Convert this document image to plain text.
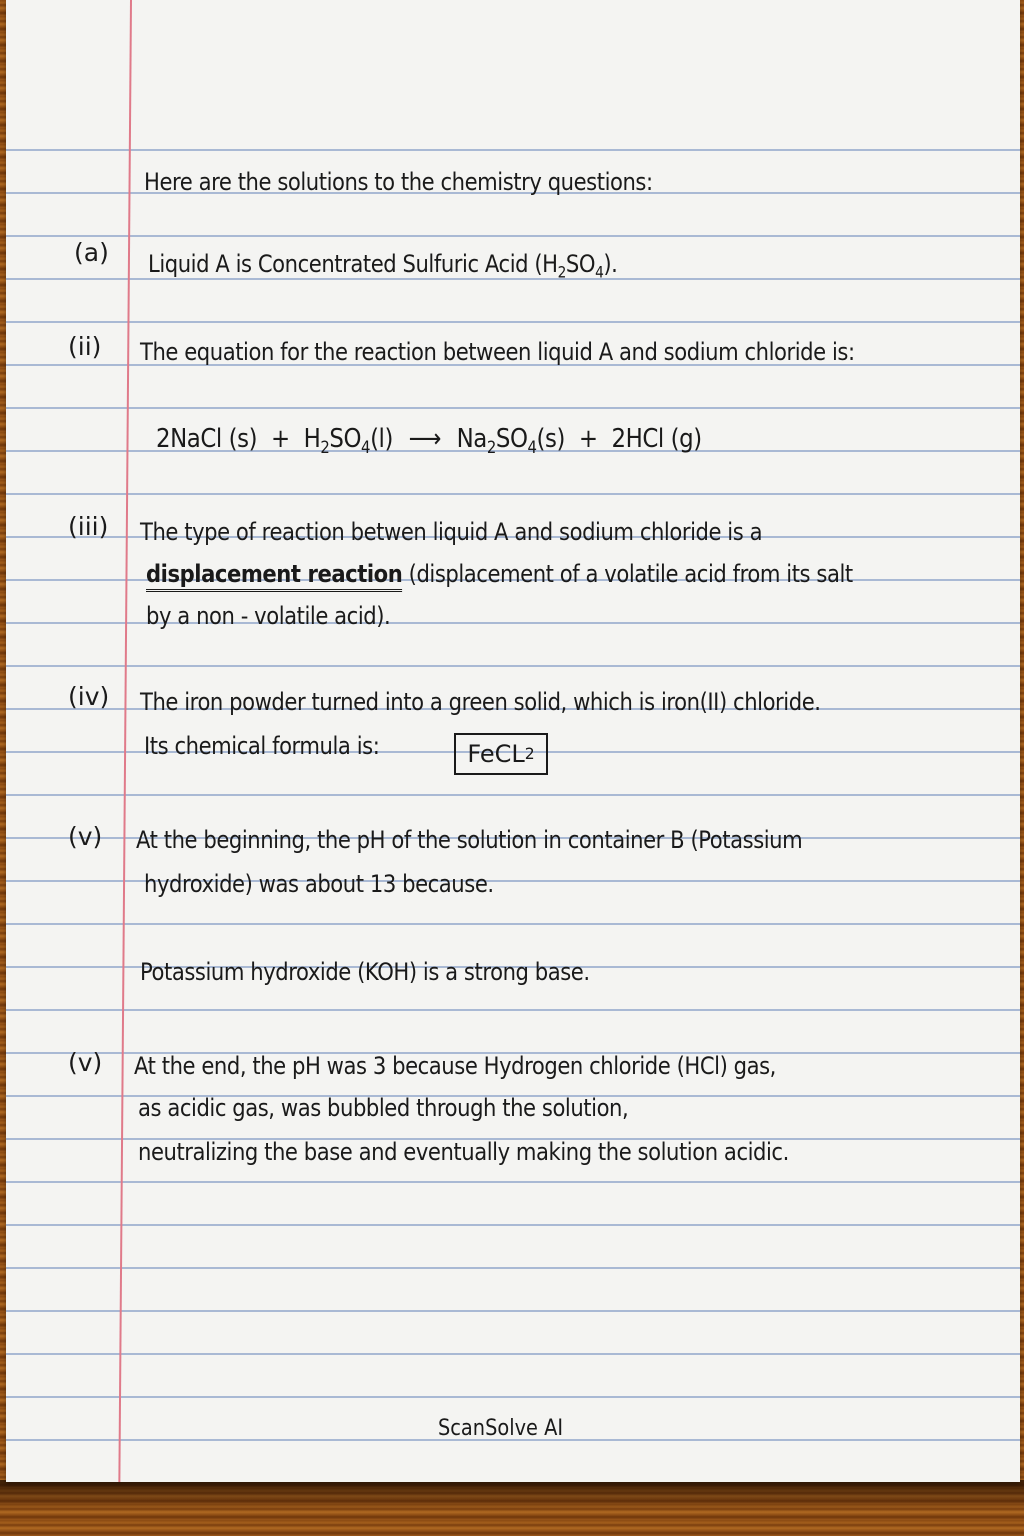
Here are the solutions to the chemistry questions:
(a) Liquid A is Concentrated Sulfuric Acid $(H_2SO_4)$.
(ii) The equation for the reaction between liquid A and sodium chloride is:
2NaCl $(s) + H_2SO_4(l)$ ⟶ $Na_2SO_4(s) + 2HCl$ (g)
(iii) The type of reaction betwen liquid A and sodium chloride is a
displacement reaction (displacement of a volatile acid from its salt
by a non - volatile acid).
(iv) The iron powder turned into a green solid, which is iron(II) chloride.
Its chemical formula is:	FeCL 2
(v) At the beginning, the pH of the solution in container B (Potassium
hydroxide) was about 13 because.
Potassium hydroxide (KOH) is a strong base.
(v) At the end, the pH was 3 because Hydrogen chloride (HCl) gas,
as acidic gas, was bubbled through the solution,
neutralizing the base and eventually making the solution acidic.
ScanSolve AI
